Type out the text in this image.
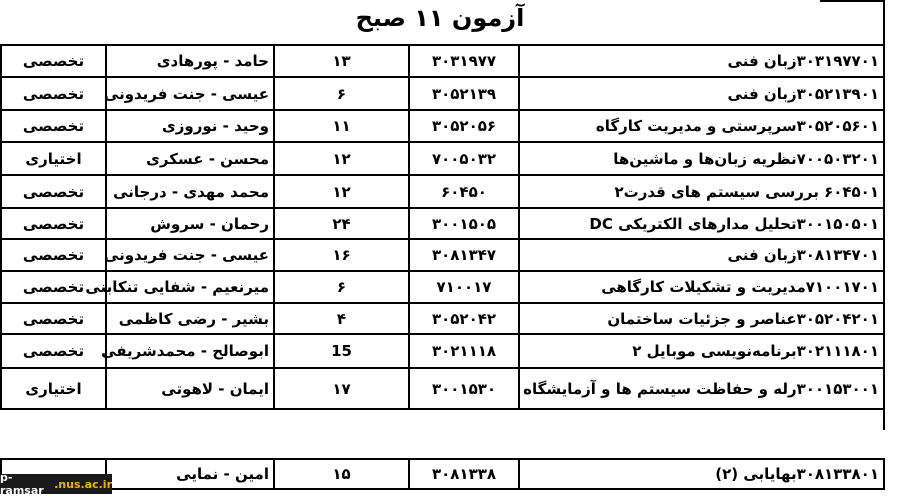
آزمون ۱۱ صبح
تخصصی	حامد - پورهادی	۱۳	۳۰۳۱۹۷۷	۳۰۳۱۹۷۷۰۱زبان فنی
تخصصی	عیسی - جنت فریدونی	۶	۳۰۵۲۱۳۹	۳۰۵۲۱۳۹۰۱زبان فنی
تخصصی	وحید - نوروزی	۱۱	۳۰۵۲۰۵۶	۳۰۵۲۰۵۶۰۱سرپرستی و مدیریت کارگاه
اختیاری	محسن - عسکری	۱۲	۷۰۰۵۰۳۲	۷۰۰۵۰۳۲۰۱نظریه زبان‌ها و ماشین‌ها
تخصصی	محمد مهدی - درجانی	۱۲	۶۰۴۵۰	۶۰۴۵۰۱ بررسی سیستم های قدرت۲
تخصصی	رحمان - سروش	۲۴	۳۰۰۱۵۰۵	۳۰۰۱۵۰۵۰۱تحلیل مدارهای الکتریکی DC
تخصصی	عیسی - جنت فریدونی	۱۶	۳۰۸۱۳۴۷	۳۰۸۱۳۴۷۰۱زبان فنی
تخصصی	میرنعیم - شفایی تنکابنی	۶	۷۱۰۰۱۷	۷۱۰۰۱۷۰۱مدیریت و تشکیلات کارگاهی
تخصصی	بشیر - رضی کاظمی	۴	۳۰۵۲۰۴۲	۳۰۵۲۰۴۲۰۱عناصر و جزئیات ساختمان
تخصصی	ابوصالح - محمدشریفی	15	۳۰۲۱۱۱۸	۳۰۲۱۱۱۸۰۱برنامه‌نویسی موبایل ۲
اختیاری	ایمان - لاهوتی	۱۷	۳۰۰۱۵۳۰	۳۰۰۱۵۳۰۰۱رله و حفاظت سیستم ها و آزمایشگاه
	امین - نمایی	۱۵	۳۰۸۱۳۳۸	۳۰۸۱۳۳۸۰۱بهایابی (۲)
p-ramsar .nus.ac.ir
